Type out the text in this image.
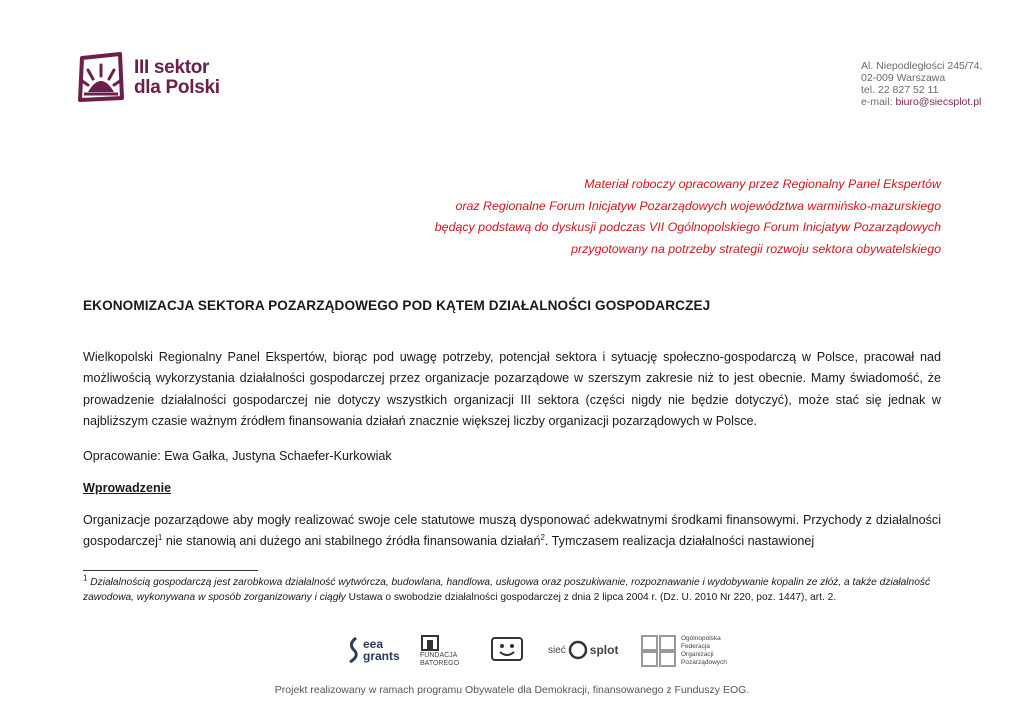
III sektor
dla Polski
Al. Niepodległości 245/74,
02-009 Warszawa
tel. 22 827 52 11
e-mail: biuro@siecsplot.pl
Materiał roboczy opracowany przez Regionalny Panel Ekspertów
oraz Regionalne Forum Inicjatyw Pozarządowych województwa warmińsko-mazurskiego
będący podstawą do dyskusji podczas VII Ogólnopolskiego Forum Inicjatyw Pozarządowych
przygotowany na potrzeby strategii rozwoju sektora obywatelskiego
EKONOMIZACJA SEKTORA POZARZĄDOWEGO POD KĄTEM DZIAŁALNOŚCI GOSPODARCZEJ
Wielkopolski Regionalny Panel Ekspertów, biorąc pod uwagę potrzeby, potencjał sektora i sytuację społeczno-gospodarczą w Polsce, pracował nad możliwością wykorzystania działalności gospodarczej przez organizacje pozarządowe w szerszym zakresie niż to jest obecnie. Mamy świadomość, że prowadzenie działalności gospodarczej nie dotyczy wszystkich organizacji III sektora (części nigdy nie będzie dotyczyć), może stać się jednak w najbliższym czasie ważnym źródłem finansowania działań znacznie większej liczby organizacji pozarządowych w Polsce.
Opracowanie: Ewa Gałka, Justyna Schaefer-Kurkowiak
Wprowadzenie
Organizacje pozarządowe aby mogły realizować swoje cele statutowe muszą dysponować adekwatnymi środkami finansowymi. Przychody z działalności gospodarczej$^1$ nie stanowią ani dużego ani stabilnego źródła finansowania działań$^2$. Tymczasem realizacja działalności nastawionej
$^1$ Działalnością gospodarczą jest zarobkowa działalność wytwórcza, budowlana, handlowa, usługowa oraz poszukiwanie, rozpoznawanie i wydobywanie kopalin ze złóż, a także działalność zawodowa, wykonywana w sposób zorganizowany i ciągły Ustawa o swobodzie działalności gospodarczej z dnia 2 lipca 2004 r. (Dz. U. 2010 Nr 220, poz. 1447), art. 2.
eea grants	FUNDACJA BATOREGO
sieć splot
Ogólnopolska Federacja Organizacji Pozarządowych
Projekt realizowany w ramach programu Obywatele dla Demokracji, finansowanego z Funduszy EOG.
